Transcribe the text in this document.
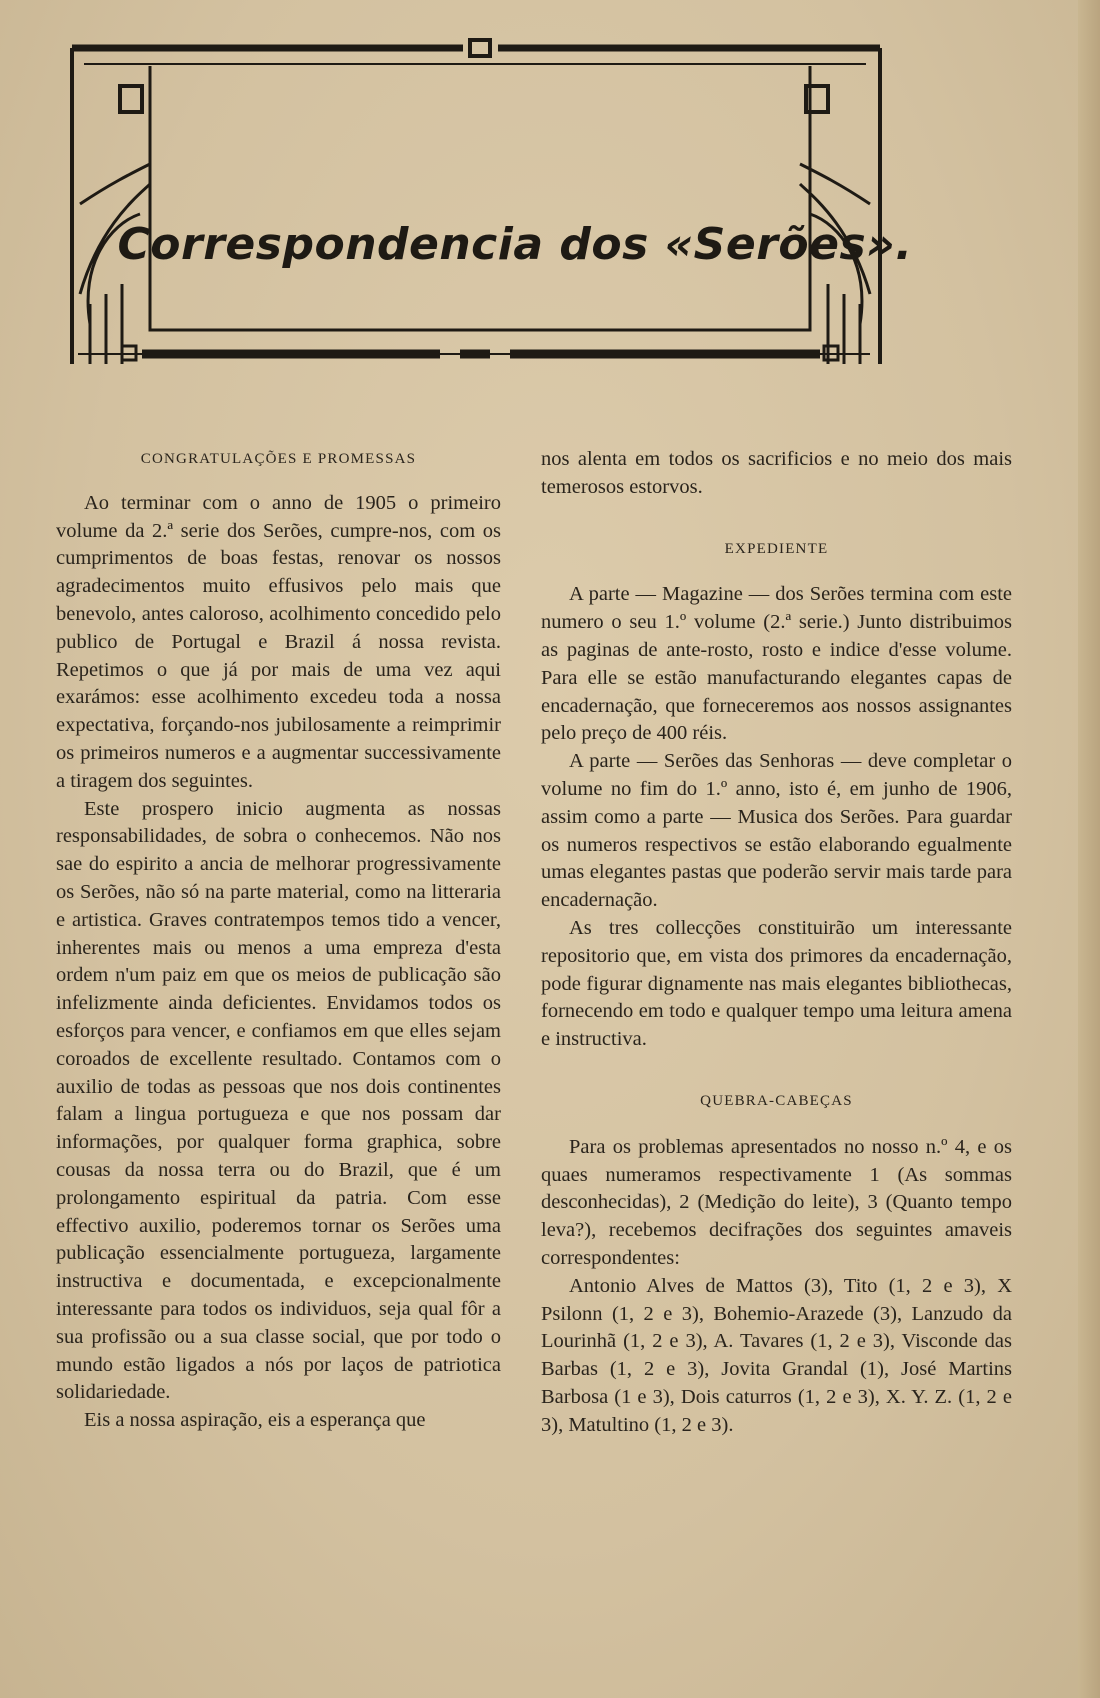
Correspondencia dos «Serões».
CONGRATULAÇÕES E PROMESSAS

Ao terminar com o anno de 1905 o primeiro volume da 2.ª serie dos Serões, cumpre-nos, com os cumprimentos de boas festas, renovar os nossos agradecimentos muito effusivos pelo mais que benevolo, antes caloroso, acolhimento concedido pelo publico de Portugal e Brazil á nossa revista. Repetimos o que já por mais de uma vez aqui exarámos: esse acolhimento excedeu toda a nossa expectativa, forçando-nos jubilosamente a reimprimir os primeiros numeros e a augmentar successivamente a tiragem dos seguintes.

Este prospero inicio augmenta as nossas responsabilidades, de sobra o conhecemos. Não nos sae do espirito a ancia de melhorar progressivamente os Serões, não só na parte material, como na litteraria e artistica. Graves contratempos temos tido a vencer, inherentes mais ou menos a uma empreza d'esta ordem n'um paiz em que os meios de publicação são infelizmente ainda deficientes. Envidamos todos os esforços para vencer, e confiamos em que elles sejam coroados de excellente resultado. Contamos com o auxilio de todas as pessoas que nos dois continentes falam a lingua portugueza e que nos possam dar informações, por qualquer forma graphica, sobre cousas da nossa terra ou do Brazil, que é um prolongamento espiritual da patria. Com esse effectivo auxilio, poderemos tornar os Serões uma publicação essencialmente portugueza, largamente instructiva e documentada, e excepcionalmente interessante para todos os individuos, seja qual fôr a sua profissão ou a sua classe social, que por todo o mundo estão ligados a nós por laços de patriotica solidariedade.

Eis a nossa aspiração, eis a esperança que

nos alenta em todos os sacrificios e no meio dos mais temerosos estorvos.

EXPEDIENTE

A parte — Magazine — dos Serões termina com este numero o seu 1.º volume (2.ª serie.) Junto distribuimos as paginas de ante-rosto, rosto e indice d'esse volume. Para elle se estão manufacturando elegantes capas de encadernação, que forneceremos aos nossos assignantes pelo preço de 400 réis.

A parte — Serões das Senhoras — deve completar o volume no fim do 1.º anno, isto é, em junho de 1906, assim como a parte — Musica dos Serões. Para guardar os numeros respectivos se estão elaborando egualmente umas elegantes pastas que poderão servir mais tarde para encadernação.

As tres collecções constituirão um interessante repositorio que, em vista dos primores da encadernação, pode figurar dignamente nas mais elegantes bibliothecas, fornecendo em todo e qualquer tempo uma leitura amena e instructiva.

QUEBRA-CABEÇAS

Para os problemas apresentados no nosso n.º 4, e os quaes numeramos respectivamente 1 (As sommas desconhecidas), 2 (Medição do leite), 3 (Quanto tempo leva?), recebemos decifrações dos seguintes amaveis correspondentes:

Antonio Alves de Mattos (3), Tito (1, 2 e 3), X Psilonn (1, 2 e 3), Bohemio-Arazede (3), Lanzudo da Lourinhã (1, 2 e 3), A. Tavares (1, 2 e 3), Visconde das Barbas (1, 2 e 3), Jovita Grandal (1), José Martins Barbosa (1 e 3), Dois caturros (1, 2 e 3), X. Y. Z. (1, 2 e 3), Matultino (1, 2 e 3).
